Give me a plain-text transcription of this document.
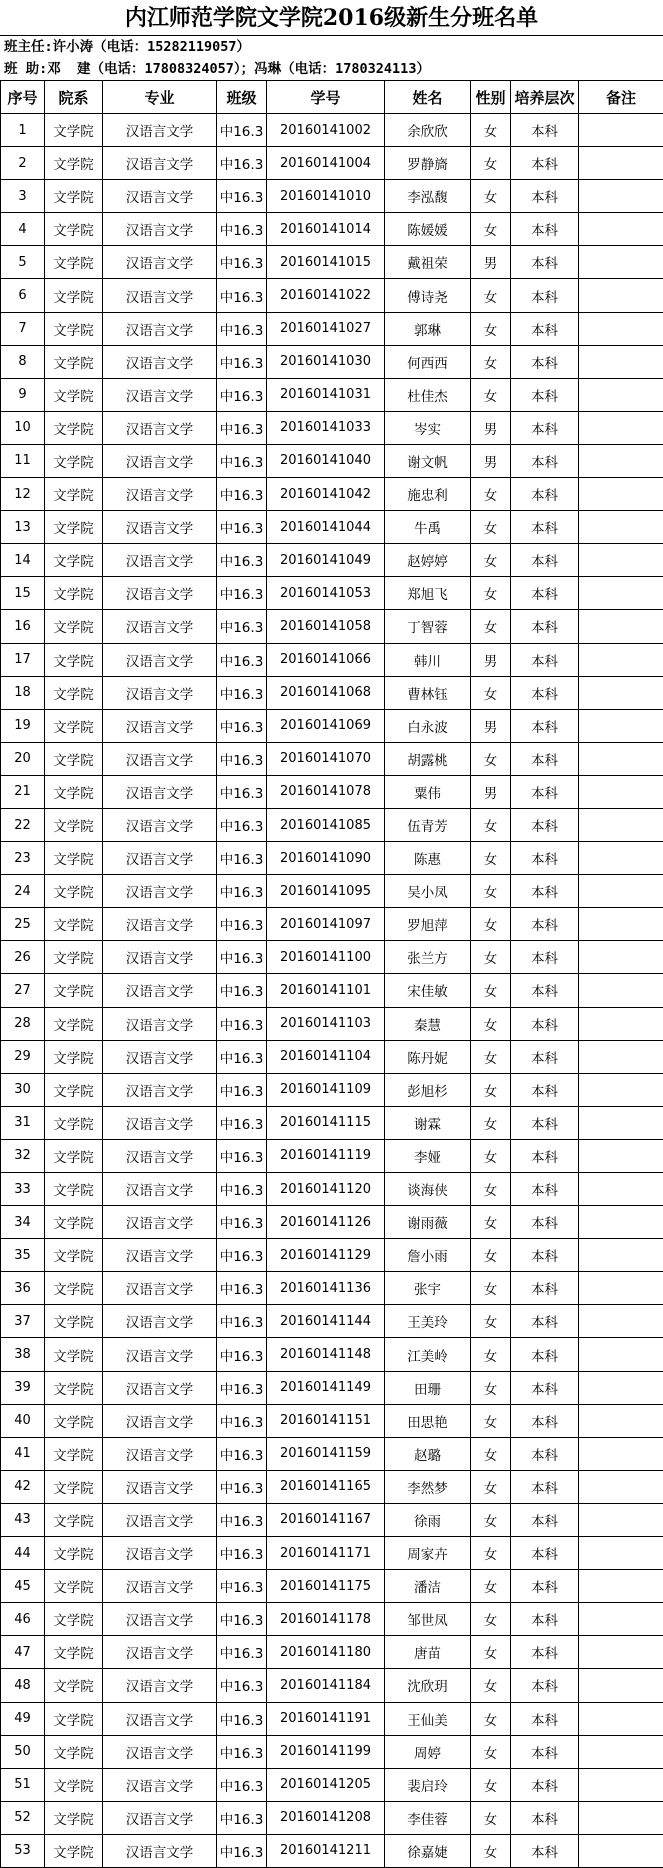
内江师范学院文学院2016级新生分班名单
班主任:许小涛（电话：15282119057）
班 助:邓  建（电话：17808324057）；冯琳（电话：1780324113）
序号	院系	专业	班级	学号	姓名	性别	培养层次	备注
1	文学院	汉语言文学	中16.3	20160141002	余欣欣	女	本科	
2	文学院	汉语言文学	中16.3	20160141004	罗静旖	女	本科	
3	文学院	汉语言文学	中16.3	20160141010	李泓馥	女	本科	
4	文学院	汉语言文学	中16.3	20160141014	陈媛媛	女	本科	
5	文学院	汉语言文学	中16.3	20160141015	戴祖荣	男	本科	
6	文学院	汉语言文学	中16.3	20160141022	傅诗尧	女	本科	
7	文学院	汉语言文学	中16.3	20160141027	郭琳	女	本科	
8	文学院	汉语言文学	中16.3	20160141030	何西西	女	本科	
9	文学院	汉语言文学	中16.3	20160141031	杜佳杰	女	本科	
10	文学院	汉语言文学	中16.3	20160141033	岑实	男	本科	
11	文学院	汉语言文学	中16.3	20160141040	谢文帆	男	本科	
12	文学院	汉语言文学	中16.3	20160141042	施忠利	女	本科	
13	文学院	汉语言文学	中16.3	20160141044	牛禹	女	本科	
14	文学院	汉语言文学	中16.3	20160141049	赵婷婷	女	本科	
15	文学院	汉语言文学	中16.3	20160141053	郑旭飞	女	本科	
16	文学院	汉语言文学	中16.3	20160141058	丁智蓉	女	本科	
17	文学院	汉语言文学	中16.3	20160141066	韩川	男	本科	
18	文学院	汉语言文学	中16.3	20160141068	曹林钰	女	本科	
19	文学院	汉语言文学	中16.3	20160141069	白永波	男	本科	
20	文学院	汉语言文学	中16.3	20160141070	胡露桃	女	本科	
21	文学院	汉语言文学	中16.3	20160141078	粟伟	男	本科	
22	文学院	汉语言文学	中16.3	20160141085	伍青芳	女	本科	
23	文学院	汉语言文学	中16.3	20160141090	陈惠	女	本科	
24	文学院	汉语言文学	中16.3	20160141095	吴小凤	女	本科	
25	文学院	汉语言文学	中16.3	20160141097	罗旭萍	女	本科	
26	文学院	汉语言文学	中16.3	20160141100	张兰方	女	本科	
27	文学院	汉语言文学	中16.3	20160141101	宋佳敏	女	本科	
28	文学院	汉语言文学	中16.3	20160141103	秦慧	女	本科	
29	文学院	汉语言文学	中16.3	20160141104	陈丹妮	女	本科	
30	文学院	汉语言文学	中16.3	20160141109	彭旭杉	女	本科	
31	文学院	汉语言文学	中16.3	20160141115	谢霖	女	本科	
32	文学院	汉语言文学	中16.3	20160141119	李娅	女	本科	
33	文学院	汉语言文学	中16.3	20160141120	谈海侠	女	本科	
34	文学院	汉语言文学	中16.3	20160141126	谢雨薇	女	本科	
35	文学院	汉语言文学	中16.3	20160141129	詹小雨	女	本科	
36	文学院	汉语言文学	中16.3	20160141136	张宇	女	本科	
37	文学院	汉语言文学	中16.3	20160141144	王美玲	女	本科	
38	文学院	汉语言文学	中16.3	20160141148	江美岭	女	本科	
39	文学院	汉语言文学	中16.3	20160141149	田珊	女	本科	
40	文学院	汉语言文学	中16.3	20160141151	田思艳	女	本科	
41	文学院	汉语言文学	中16.3	20160141159	赵璐	女	本科	
42	文学院	汉语言文学	中16.3	20160141165	李然梦	女	本科	
43	文学院	汉语言文学	中16.3	20160141167	徐雨	女	本科	
44	文学院	汉语言文学	中16.3	20160141171	周家卉	女	本科	
45	文学院	汉语言文学	中16.3	20160141175	潘洁	女	本科	
46	文学院	汉语言文学	中16.3	20160141178	邹世凤	女	本科	
47	文学院	汉语言文学	中16.3	20160141180	唐苗	女	本科	
48	文学院	汉语言文学	中16.3	20160141184	沈欣玥	女	本科	
49	文学院	汉语言文学	中16.3	20160141191	王仙美	女	本科	
50	文学院	汉语言文学	中16.3	20160141199	周婷	女	本科	
51	文学院	汉语言文学	中16.3	20160141205	裴启玲	女	本科	
52	文学院	汉语言文学	中16.3	20160141208	李佳蓉	女	本科	
53	文学院	汉语言文学	中16.3	20160141211	徐嘉婕	女	本科	
